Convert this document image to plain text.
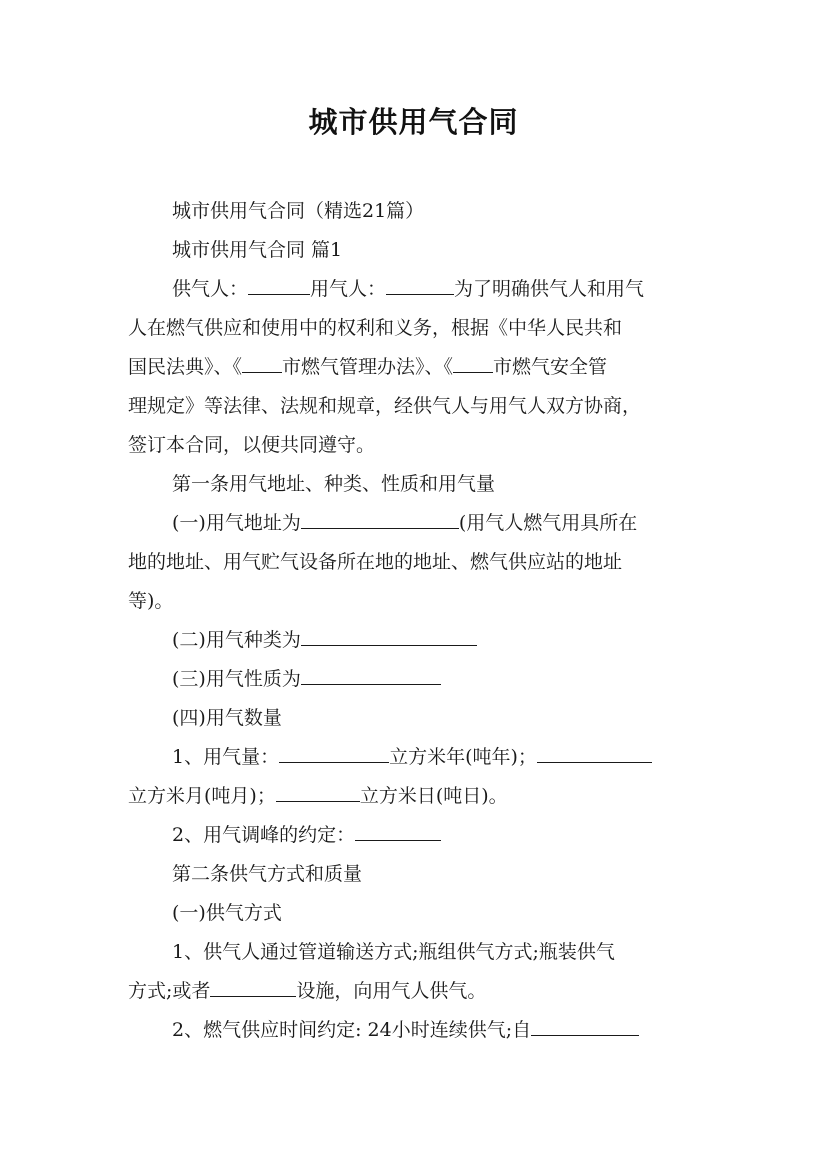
城市供用气合同
城市供用气合同（精选21篇）
城市供用气合同 篇1
供气人：	用气人：	为了明确供气人和用气
人在燃气供应和使用中的权利和义务，根据《中华人民共和
国民法典》、《 市燃气管理办法》、《 市燃气安全管
理规定》等法律、法规和规章，经供气人与用气人双方协商，
签订本合同，以便共同遵守。
第一条用气地址、种类、性质和用气量
(一)用气地址为	(用气人燃气用具所在
地的地址、用气贮气设备所在地的地址、燃气供应站的地址
等)。
(二)用气种类为
(三)用气性质为
(四)用气数量
1、用气量：	立方米年(吨年)；
立方米月(吨月)；	立方米日(吨日)。
2、用气调峰的约定：
第二条供气方式和质量
(一)供气方式
1、供气人通过管道输送方式;瓶组供气方式;瓶装供气
方式;或者	设施，向用气人供气。
2、燃气供应时间约定: 24小时连续供气;自
